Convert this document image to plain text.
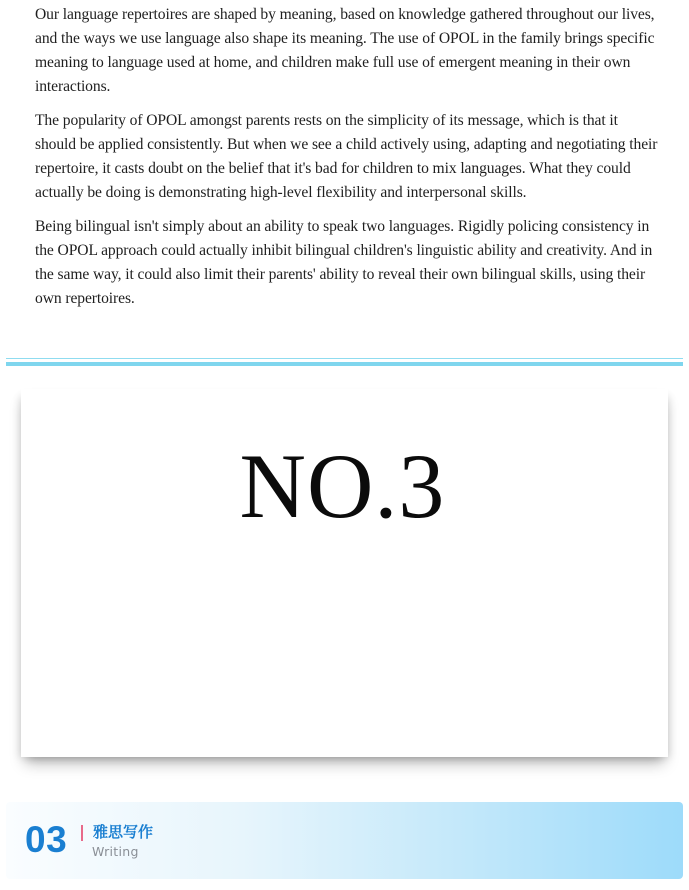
Our language repertoires are shaped by meaning, based on knowledge gathered throughout our lives, and the ways we use language also shape its meaning. The use of OPOL in the family brings specific meaning to language used at home, and children make full use of emergent meaning in their own interactions.

The popularity of OPOL amongst parents rests on the simplicity of its message, which is that it should be applied consistently. But when we see a child actively using, adapting and negotiating their repertoire, it casts doubt on the belief that it's bad for children to mix languages. What they could actually be doing is demonstrating high-level flexibility and interpersonal skills.

Being bilingual isn't simply about an ability to speak two languages. Rigidly policing consistency in the OPOL approach could actually inhibit bilingual children's linguistic ability and creativity. And in the same way, it could also limit their parents' ability to reveal their own bilingual skills, using their own repertoires.

NO.3
03 雅思写作
Writing
